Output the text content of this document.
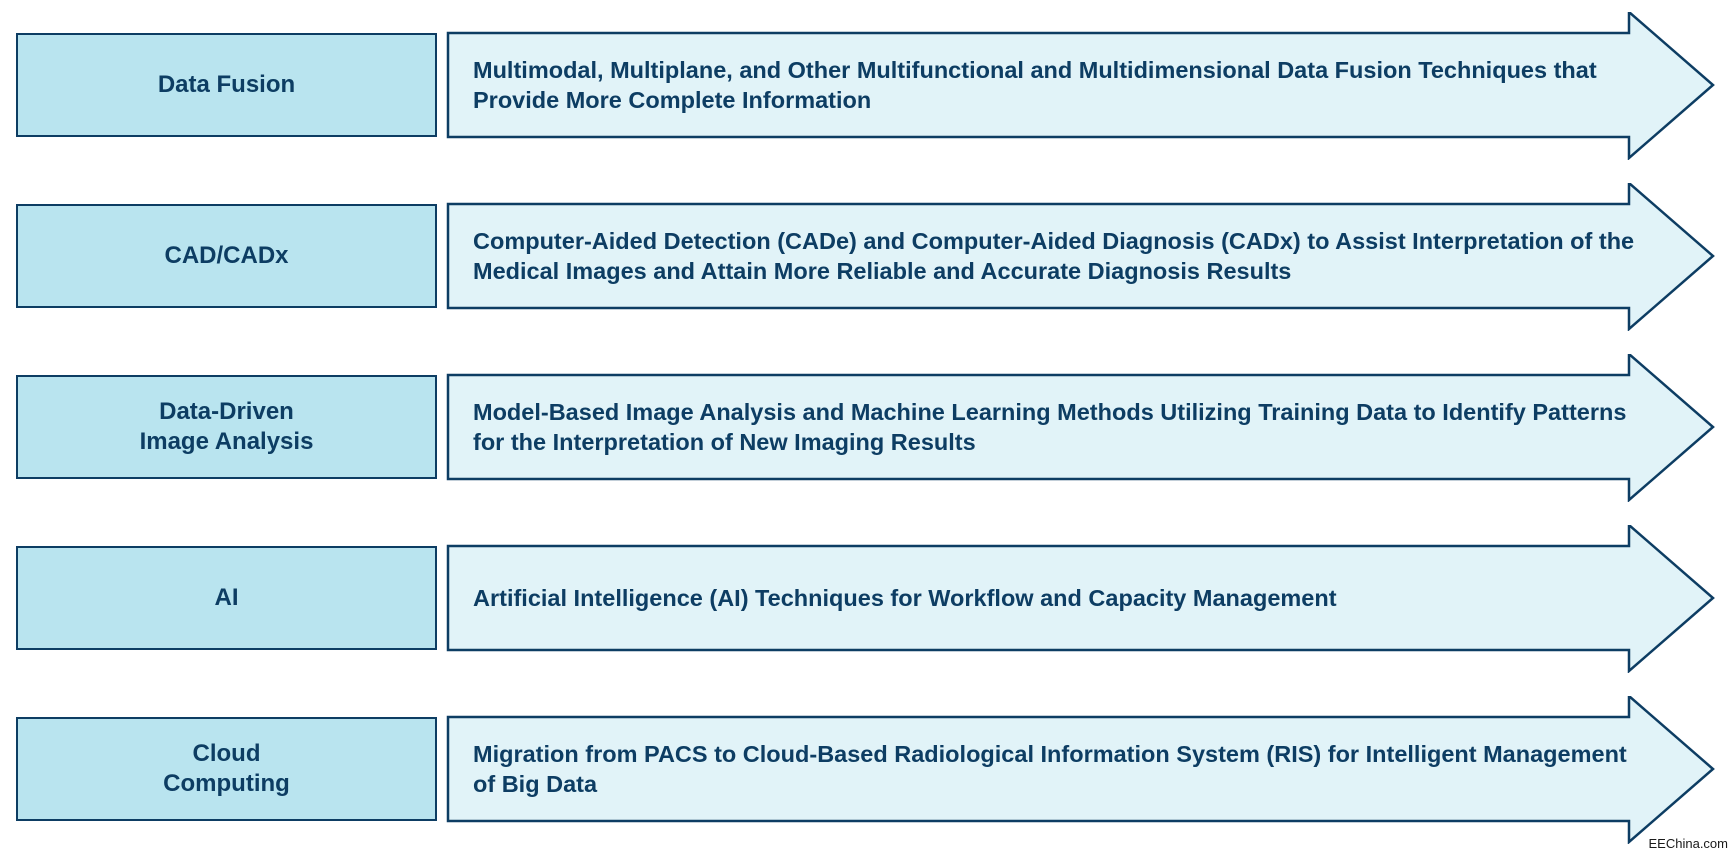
Data Fusion
Multimodal, Multiplane, and Other Multifunctional and Multidimensional Data Fusion Techniques that Provide More Complete Information
CAD/CADx
Computer-Aided Detection (CADe) and Computer-Aided Diagnosis (CADx) to Assist Interpretation of the Medical Images and Attain More Reliable and Accurate Diagnosis Results
Data-Driven
Image Analysis
Model-Based Image Analysis and Machine Learning Methods Utilizing Training Data to Identify Patterns for the Interpretation of New Imaging Results
AI	Artificial Intelligence (AI) Techniques for Workflow and Capacity Management
Cloud
Computing
Migration from PACS to Cloud-Based Radiological Information System (RIS) for Intelligent Management of Big Data
EEChina.com
